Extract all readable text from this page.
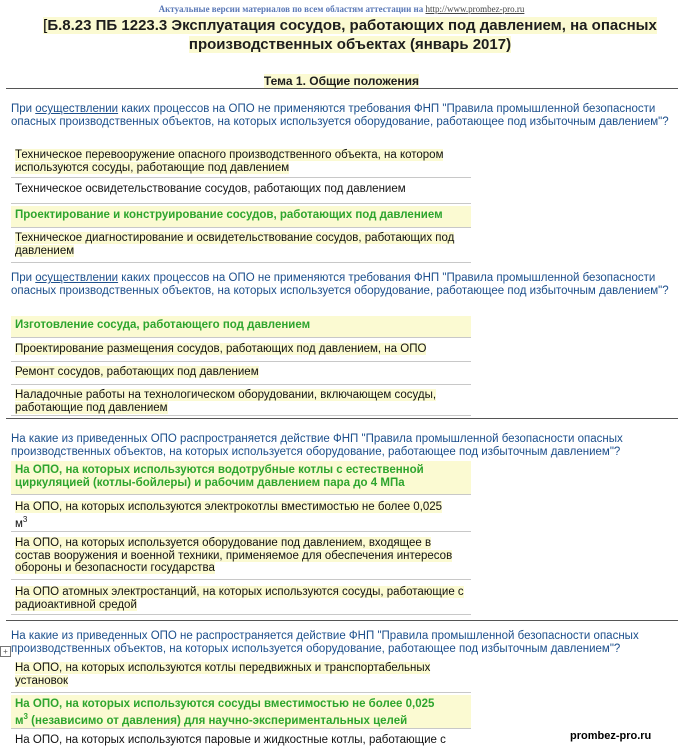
Актуальные версии материалов по всем областям аттестации на http://www.prombez-pro.ru
[Б.8.23 ПБ 1223.3 Эксплуатация сосудов, работающих под давлением, на опасных
производственных объектах (январь 2017)
Тема 1. Общие положения
При осуществлении каких процессов на ОПО не применяются требования ФНП "Правила промышленной безопасности опасных производственных объектов, на которых используется оборудование, работающее под избыточным давлением"?
Техническое перевооружение опасного производственного объекта, на котором используются сосуды, работающие под давлением
Техническое освидетельствование сосудов, работающих под давлением
Проектирование и конструирование сосудов, работающих под давлением
Техническое диагностирование и освидетельствование сосудов, работающих под давлением
При осуществлении каких процессов на ОПО не применяются требования ФНП "Правила промышленной безопасности опасных производственных объектов, на которых используется оборудование, работающее под избыточным давлением"?
Изготовление сосуда, работающего под давлением
Проектирование размещения сосудов, работающих под давлением, на ОПО
Ремонт сосудов, работающих под давлением
Наладочные работы на технологическом оборудовании, включающем сосуды, работающие под давлением
На какие из приведенных ОПО распространяется действие ФНП "Правила промышленной безопасности опасных производственных объектов, на которых используется оборудование, работающее под избыточным давлением"?
На ОПО, на которых используются водотрубные котлы с естественной циркуляцией (котлы-бойлеры) и рабочим давлением пара до 4 МПа
На ОПО, на которых используются электрокотлы вместимостью не более 0,025
$м^3$
На ОПО, на которых используется оборудование под давлением, входящее в состав вооружения и военной техники, применяемое для обеспечения интересов обороны и безопасности государства
На ОПО атомных электростанций, на которых используются сосуды, работающие с радиоактивной средой
+
На какие из приведенных ОПО не распространяется действие ФНП "Правила промышленной безопасности опасных производственных объектов, на которых используется оборудование, работающее под избыточным давлением"?
На ОПО, на которых используются котлы передвижных и транспортабельных установок
На ОПО, на которых используются сосуды вместимостью не более 0,025
$м^3$ (независимо от давления) для научно-экспериментальных целей
На ОПО, на которых используются паровые и жидкостные котлы, работающие с	prombez-pro.ru
